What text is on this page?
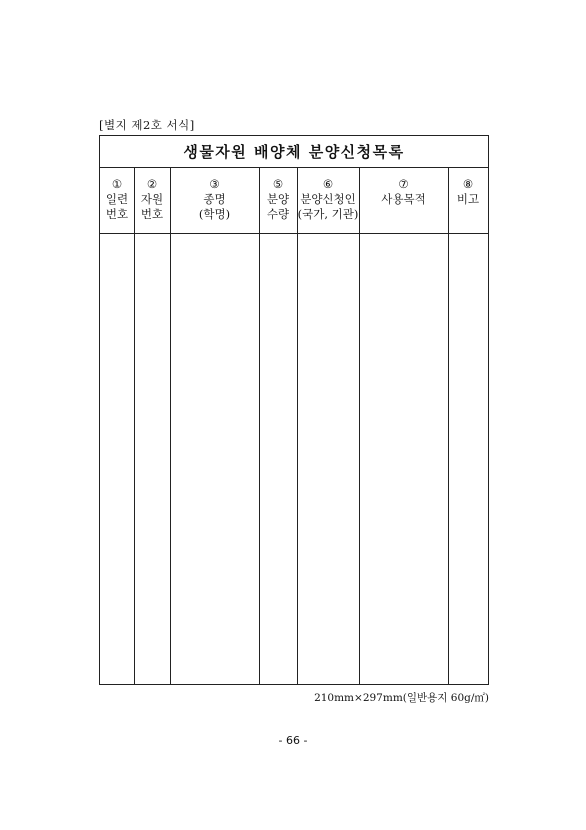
[별지 제2호 서식]
생물자원 배양체 분양신청목록
①
일련
번호
②
자원
번호
③
종명
(학명)
⑤
분양
수량
⑥
분양신청인
(국가, 기관)
⑦
사용목적
⑧
비고
210mm×297mm(일반용지 60g/㎡)
- 66 -
